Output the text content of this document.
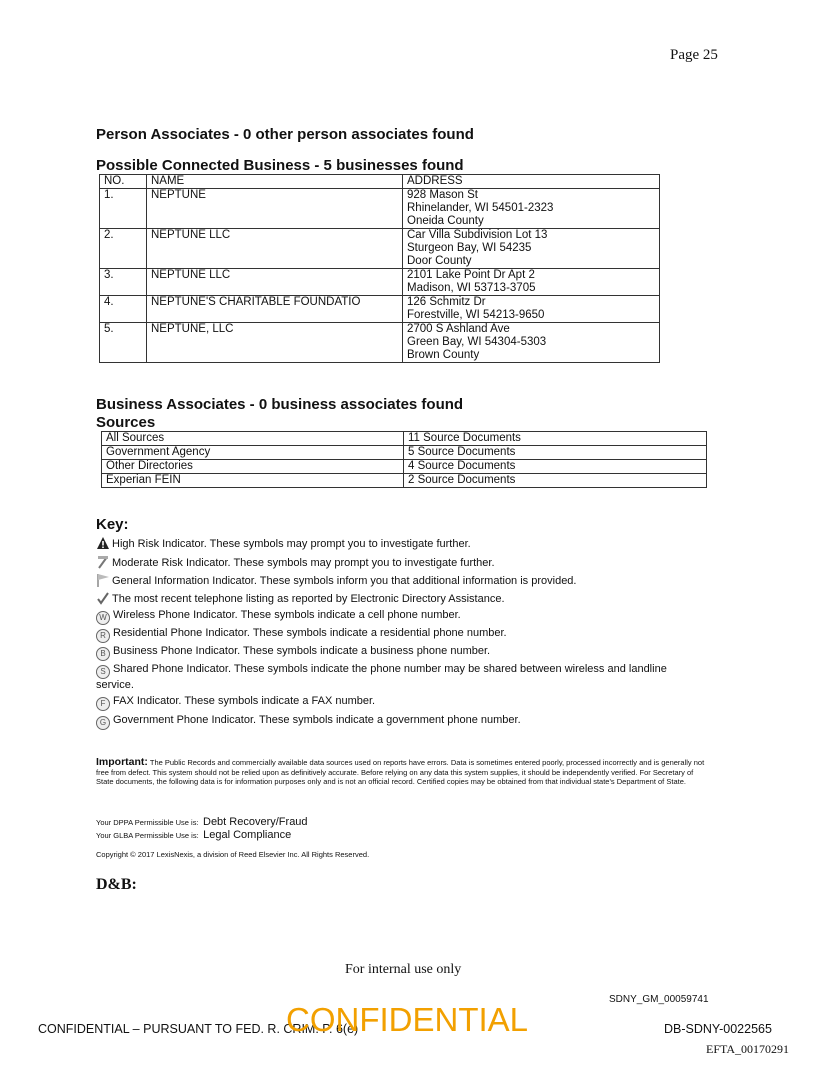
Page 25
Person Associates - 0 other person associates found
Possible Connected Business - 5 businesses found
NO.	NAME	ADDRESS
1.	NEPTUNE	928 Mason St
Rhinelander, WI 54501-2323
Oneida County

2.	NEPTUNE LLC	Car Villa Subdivision Lot 13
Sturgeon Bay, WI 54235
Door County

3.	NEPTUNE LLC	2101 Lake Point Dr Apt 2
Madison, WI 53713-3705

4.	NEPTUNE'S CHARITABLE FOUNDATIO	126 Schmitz Dr
Forestville, WI 54213-9650

5.	NEPTUNE, LLC	2700 S Ashland Ave
Green Bay, WI 54304-5303
Brown County
Business Associates - 0 business associates found
Sources
All Sources	11 Source Documents
Government Agency	5 Source Documents
Other Directories	4 Source Documents
Experian FEIN	2 Source Documents
Key:
High Risk Indicator. These symbols may prompt you to investigate further.
Moderate Risk Indicator. These symbols may prompt you to investigate further.
General Information Indicator. These symbols inform you that additional information is provided.
The most recent telephone listing as reported by Electronic Directory Assistance.
W Wireless Phone Indicator. These symbols indicate a cell phone number.
R Residential Phone Indicator. These symbols indicate a residential phone number.
B Business Phone Indicator. These symbols indicate a business phone number.
S Shared Phone Indicator. These symbols indicate the phone number may be shared between wireless and landline service.
F FAX Indicator. These symbols indicate a FAX number.
G Government Phone Indicator. These symbols indicate a government phone number.
Important: The Public Records and commercially available data sources used on reports have errors. Data is sometimes entered poorly, processed incorrectly and is generally not free from defect. This system should not be relied upon as definitively accurate. Before relying on any data this system supplies, it should be independently verified. For Secretary of State documents, the following data is for information purposes only and is not an official record. Certified copies may be obtained from that individual state's Department of State.
Your DPPA Permissible Use is: Debt Recovery/Fraud
Your GLBA Permissible Use is: Legal Compliance
Copyright © 2017 LexisNexis, a division of Reed Elsevier Inc. All Rights Reserved.
D&B:
For internal use only
SDNY_GM_00059741
CONFIDENTIAL – PURSUANT TO FED. R. CRIM. P. 6(e)
CONFIDENTIAL	DB-SDNY-0022565
EFTA_00170291
